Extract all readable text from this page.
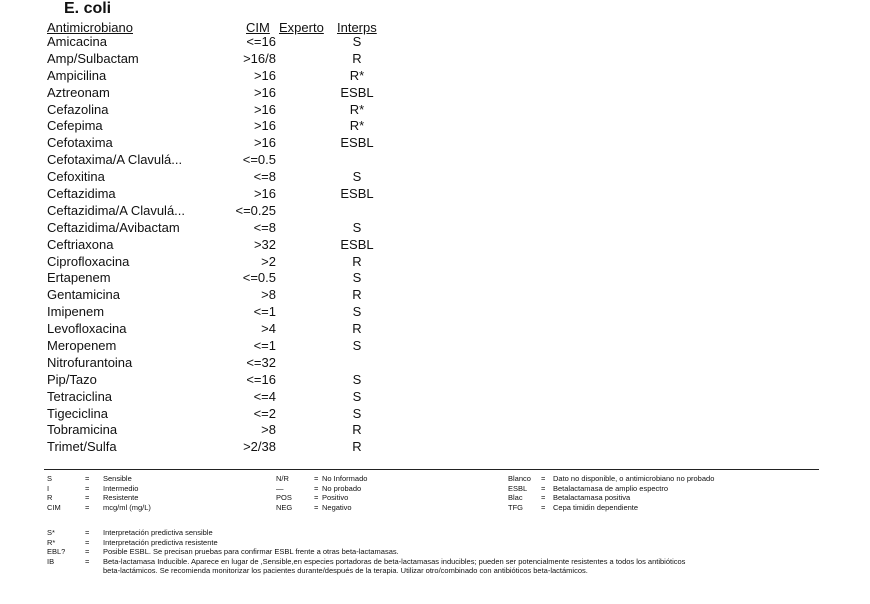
E. coli
Antimicrobiano	CIM Experto Interps
Amicacina	<=16	S
Amp/Sulbactam	>16/8	R
Ampicilina	>16	R*
Aztreonam	>16	ESBL
Cefazolina	>16	R*
Cefepima	>16	R*
Cefotaxima	>16	ESBL
Cefotaxima/A Clavulá...	<=0.5
Cefoxitina	<=8	S
Ceftazidima	>16	ESBL
Ceftazidima/A Clavulá...	<=0.25
Ceftazidima/Avibactam	<=8	S
Ceftriaxona	>32	ESBL
Ciprofloxacina	>2	R
Ertapenem	<=0.5	S
Gentamicina	>8	R
Imipenem	<=1	S
Levofloxacina	>4	R
Meropenem	<=1	S
Nitrofurantoina	<=32
Pip/Tazo	<=16	S
Tetraciclina	<=4	S
Tigeciclina	<=2	S
Tobramicina	>8	R
Trimet/Sulfa	>2/38	R
S	= Sensible
I	= Intermedio
R	= Resistente
CIM	= mcg/ml (mg/L)
N/R	= No Informado
—	= No probado
POS	= Positivo
NEG	= Negativo
Blanco = Dato no disponible, o antimicrobiano no probado
ESBL = Betalactamasa de amplio espectro
Blac = Betalactamasa positiva
TFG = Cepa timidin dependiente
S*	= Interpretación predictiva sensible
R*	= Interpretación predictiva resistente
EBL?	= Posible ESBL. Se precisan pruebas para confirmar ESBL frente a otras beta-lactamasas.
IB	= Beta-lactamasa Inducible. Aparece en lugar de ,Sensible,en especies portadoras de beta-lactamasas inducibles; pueden ser potencialmente resistentes a todos los antibióticos
beta-lactámicos. Se recomienda monitorizar los pacientes durante/después de la terapia. Utilizar otro/combinado con antibióticos beta-lactámicos.
